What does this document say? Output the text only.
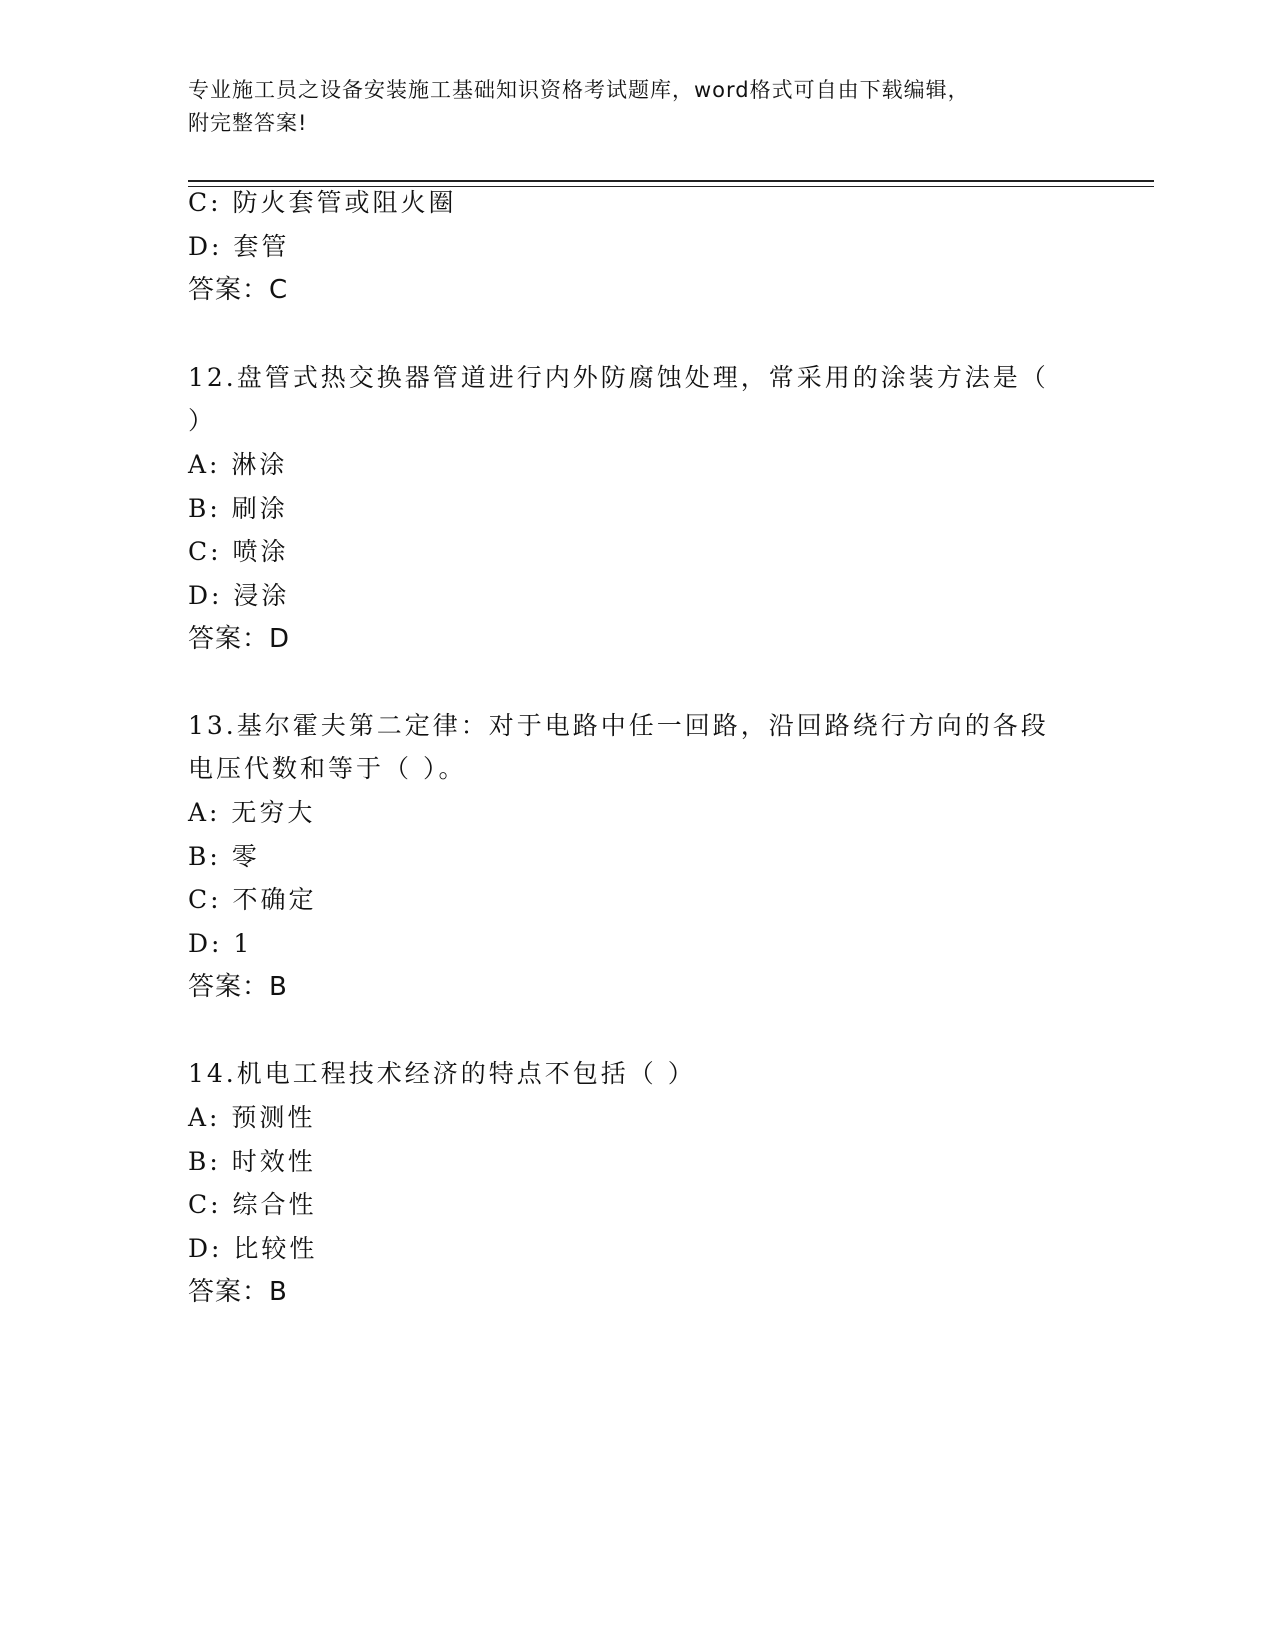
专业施工员之设备安装施工基础知识资格考试题库，word格式可自由下载编辑，
附完整答案!
C: 防火套管或阻火圈
D: 套管
答案：C
12.盘管式热交换器管道进行内外防腐蚀处理，常采用的涂装方法是（
）
A: 淋涂
B: 刷涂
C: 喷涂
D: 浸涂
答案：D
13.基尔霍夫第二定律：对于电路中任一回路，沿回路绕行方向的各段
电压代数和等于（ ）。
A: 无穷大
B: 零
C: 不确定
D: 1
答案：B
14.机电工程技术经济的特点不包括（ ）
A: 预测性
B: 时效性
C: 综合性
D: 比较性
答案：B
